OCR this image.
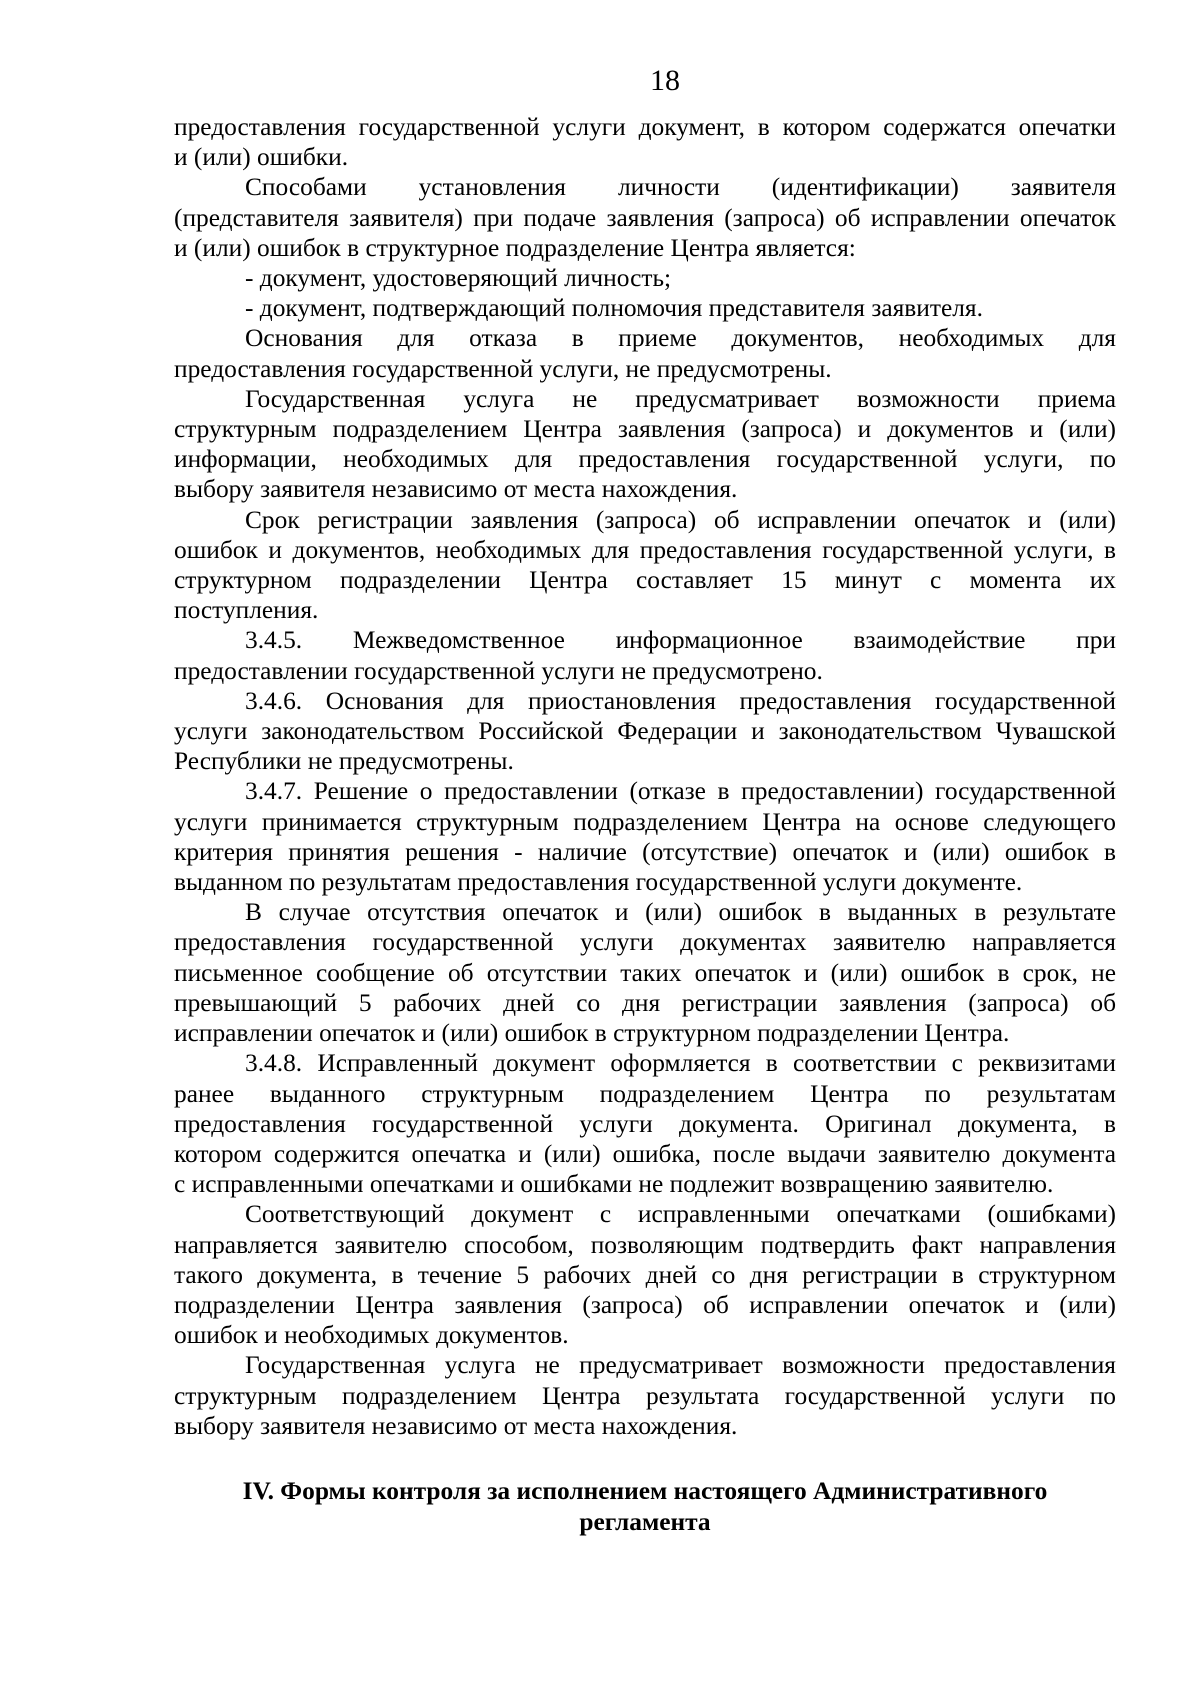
18

предоставления государственной услуги документ, в котором содержатся опечатки

и (или) ошибки.

Способами установления личности (идентификации) заявителя

(представителя заявителя) при подаче заявления (запроса) об исправлении опечаток

и (или) ошибок в структурное подразделение Центра является:

- документ, удостоверяющий личность;

- документ, подтверждающий полномочия представителя заявителя.

Основания для отказа в приеме документов, необходимых для

предоставления государственной услуги, не предусмотрены.

Государственная услуга не предусматривает возможности приема

структурным подразделением Центра заявления (запроса) и документов и (или)

информации, необходимых для предоставления государственной услуги, по

выбору заявителя независимо от места нахождения.

Срок регистрации заявления (запроса) об исправлении опечаток и (или)

ошибок и документов, необходимых для предоставления государственной услуги, в

структурном подразделении Центра составляет 15 минут с момента их

поступления.

3.4.5. Межведомственное информационное взаимодействие при

предоставлении государственной услуги не предусмотрено.

3.4.6. Основания для приостановления предоставления государственной

услуги законодательством Российской Федерации и законодательством Чувашской

Республики не предусмотрены.

3.4.7. Решение о предоставлении (отказе в предоставлении) государственной

услуги принимается структурным подразделением Центра на основе следующего

критерия принятия решения - наличие (отсутствие) опечаток и (или) ошибок в

выданном по результатам предоставления государственной услуги документе.

В случае отсутствия опечаток и (или) ошибок в выданных в результате

предоставления государственной услуги документах заявителю направляется

письменное сообщение об отсутствии таких опечаток и (или) ошибок в срок, не

превышающий 5 рабочих дней со дня регистрации заявления (запроса) об

исправлении опечаток и (или) ошибок в структурном подразделении Центра.

3.4.8. Исправленный документ оформляется в соответствии с реквизитами

ранее выданного структурным подразделением Центра по результатам

предоставления государственной услуги документа. Оригинал документа, в

котором содержится опечатка и (или) ошибка, после выдачи заявителю документа

с исправленными опечатками и ошибками не подлежит возвращению заявителю.

Соответствующий документ с исправленными опечатками (ошибками)

направляется заявителю способом, позволяющим подтвердить факт направления

такого документа, в течение 5 рабочих дней со дня регистрации в структурном

подразделении Центра заявления (запроса) об исправлении опечаток и (или)

ошибок и необходимых документов.

Государственная услуга не предусматривает возможности предоставления

структурным подразделением Центра результата государственной услуги по

выбору заявителя независимо от места нахождения.

IV. Формы контроля за исполнением настоящего Административного
регламента
